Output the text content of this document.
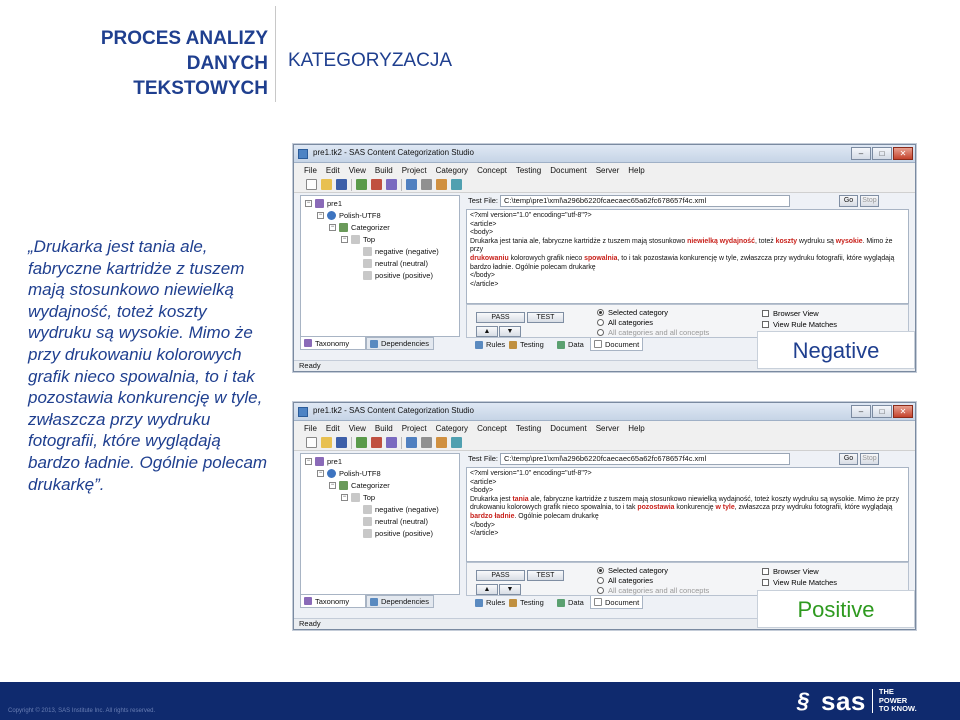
PROCES ANALIZY
DANYCH
TEKSTOWYCH
KATEGORYZACJA
„Drukarka jest tania ale, fabryczne kartridże z tuszem mają stosunkowo niewielką wydajność, toteż koszty wydruku są wysokie. Mimo że przy drukowaniu kolorowych grafik nieco spowalnia, to i tak pozostawia konkurencję w tyle, zwłaszcza przy wydruku fotografii, które wyglądają bardzo ładnie. Ogólnie polecam drukarkę”.
pre1.tk2 - SAS Content Categorization Studio	–	□	✕
File Edit View Build Project Category Concept Testing Document Server Help
− pre1
− Polish-UTF8
− Categorizer
− Top
negative (negative)
neutral (neutral)
positive (positive)
Taxonomy	Dependencies
Test File: C:\temp\pre1\xml\a296b6220fcaecaec65a62fc678657f4c.xml	Go	Stop
<?xml version="1.0" encoding="utf-8"?>
<article>
<body>
Drukarka jest tania ale, fabryczne kartridże z tuszem mają stosunkowo niewielką wydajność, toteż koszty wydruku są wysokie. Mimo że przy
drukowaniu kolorowych grafik nieco spowalnia, to i tak pozostawia konkurencję w tyle, zwłaszcza przy wydruku fotografii, które wyglądają
bardzo ładnie. Ogólnie polecam drukarkę
</body>
</article>
PASS	TEST
▲	▼
Selected category
All categories
All categories and all concepts
Browser View
View Rule Matches
Rules Testing	Data	Document
Ready
pre1.tk2 - SAS Content Categorization Studio	–	□	✕
File Edit View Build Project Category Concept Testing Document Server Help
− pre1
− Polish-UTF8
− Categorizer
− Top
negative (negative)
neutral (neutral)
positive (positive)
Taxonomy	Dependencies
Test File: C:\temp\pre1\xml\a296b6220fcaecaec65a62fc678657f4c.xml	Go	Stop
<?xml version="1.0" encoding="utf-8"?>
<article>
<body>
Drukarka jest tania ale, fabryczne kartridże z tuszem mają stosunkowo niewielką wydajność, toteż koszty wydruku są wysokie. Mimo że przy
drukowaniu kolorowych grafik nieco spowalnia, to i tak pozostawia konkurencję w tyle, zwłaszcza przy wydruku fotografii, które wyglądają
bardzo ładnie. Ogólnie polecam drukarkę
</body>
</article>
PASS	TEST
▲	▼
Selected category
All categories
All categories and all concepts
Browser View
View Rule Matches
Rules Testing	Data	Document
Ready
Negative
Positive
Copyright © 2013, SAS Institute Inc. All rights reserved.	§ sas THE
POWER
TO KNOW.
